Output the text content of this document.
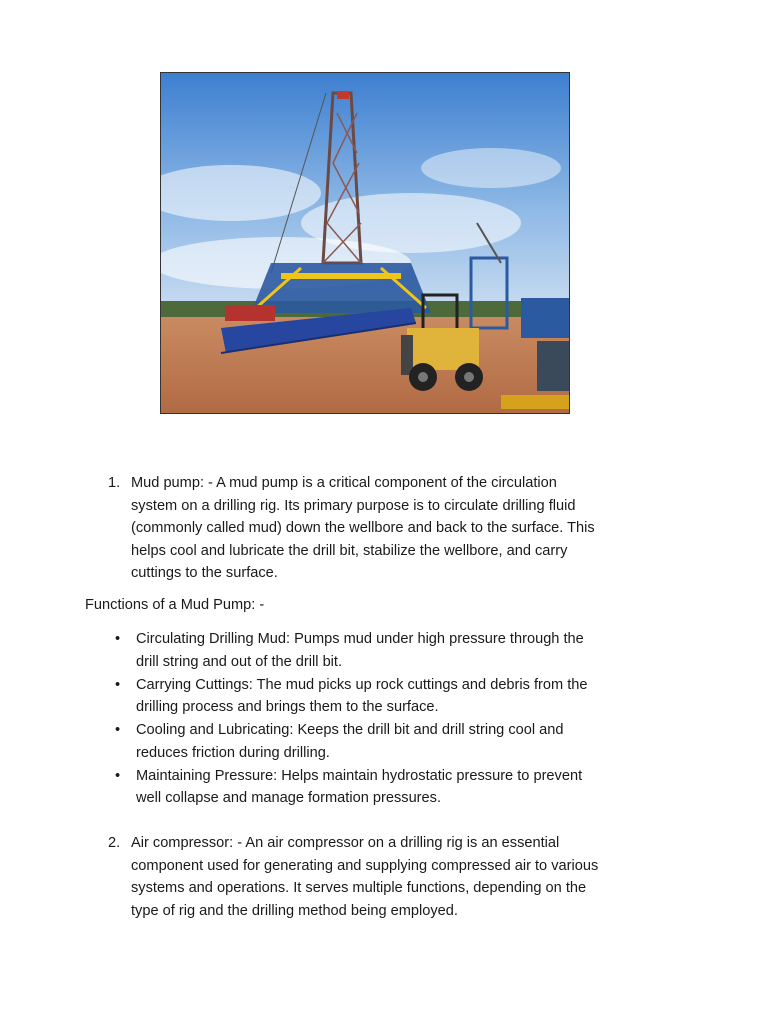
1. Mud pump: - A mud pump is a critical component of the circulation
system on a drilling rig. Its primary purpose is to circulate drilling fluid
(commonly called mud) down the wellbore and back to the surface. This
helps cool and lubricate the drill bit, stabilize the wellbore, and carry
cuttings to the surface.
Functions of a Mud Pump: -
• Circulating Drilling Mud: Pumps mud under high pressure through the
drill string and out of the drill bit.
• Carrying Cuttings: The mud picks up rock cuttings and debris from the
drilling process and brings them to the surface.
• Cooling and Lubricating: Keeps the drill bit and drill string cool and
reduces friction during drilling.
• Maintaining Pressure: Helps maintain hydrostatic pressure to prevent
well collapse and manage formation pressures.
2. Air compressor: - An air compressor on a drilling rig is an essential
component used for generating and supplying compressed air to various
systems and operations. It serves multiple functions, depending on the
type of rig and the drilling method being employed.
